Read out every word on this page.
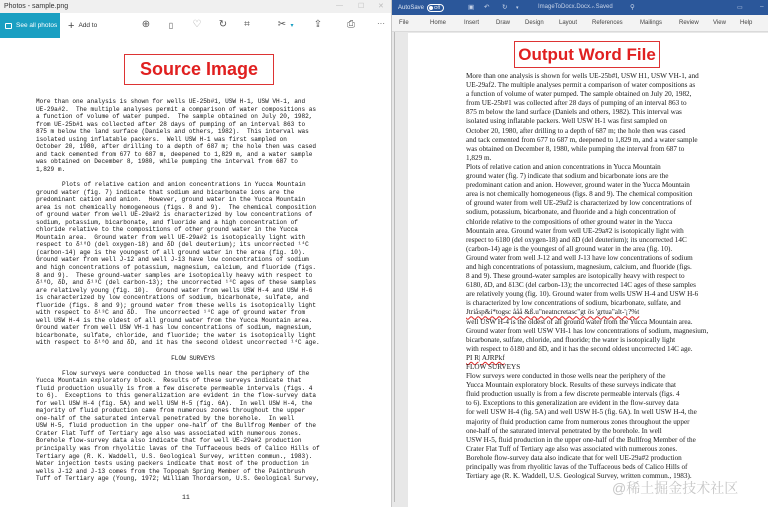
Photos - sample.png	— ☐ ✕
See all photos + Add to	⊕	▯	♡ ↻	⌗	✂ ▾	⇪	⎙	···
Source Image
More than one analysis is shown for wells UE-25b#1, USW H-1, USW VH-1, and
UE-29a#2.  The multiple analyses permit a comparison of water compositions as
a function of volume of water pumped.  The sample obtained on July 20, 1982,
from UE-25b#1 was collected after 28 days of pumping of an interval 863 to
875 m below the land surface (Daniels and others, 1982).  This interval was
isolated using inflatable packers.  Well USW H-1 was first sampled on
October 20, 1980, after drilling to a depth of 687 m; the hole then was cased
and tack cemented from 677 to 687 m, deepened to 1,829 m, and a water sample
was obtained on December 8, 1980, while pumping the interval from 687 to
1,829 m.
Plots of relative cation and anion concentrations in Yucca Mountain
ground water (fig. 7) indicate that sodium and bicarbonate ions are the
predominant cation and anion.  However, ground water in the Yucca Mountain
area is not chemically homogeneous (figs. 8 and 9).  The chemical composition
of ground water from well UE-29a#2 is characterized by low concentrations of
sodium, potassium, bicarbonate, and fluoride and a high concentration of
chloride relative to the compositions of other ground water in the Yucca
Mountain area.  Ground water from well UE-29a#2 is isotopically light with
respect to δ¹⁸O (del oxygen-18) and δD (del deuterium); its uncorrected ¹⁴C
(carbon-14) age is the youngest of all ground water in the area (fig. 10).
Ground water from well J-12 and well J-13 have low concentrations of sodium
and high concentrations of potassium, magnesium, calcium, and fluoride (figs.
8 and 9).  These ground-water samples are isotopically heavy with respect to
δ¹⁸O, δD, and δ¹³C (del carbon-13); the uncorrected ¹⁴C ages of these samples
are relatively young (fig. 10).  Ground water from wells USW H-4 and USW H-6
is characterized by low concentrations of sodium, bicarbonate, sulfate, and
fluoride (figs. 8 and 9); ground water from these wells is isotopically light
with respect to δ¹³C and δD.  The uncorrected ¹⁴C age of ground water from
well USW H-4 is the oldest of all ground water from the Yucca Mountain area.
Ground water from well USW VH-1 has low concentrations of sodium, magnesium,
bicarbonate, sulfate, chloride, and fluoride; the water is isotopically light
with respect to δ¹⁸O and δD, and it has the second oldest uncorrected ¹⁴C age.

FLOW SURVEYS

Flow surveys were conducted in those wells near the periphery of the
Yucca Mountain exploratory block.  Results of these surveys indicate that
fluid production usually is from a few discrete permeable intervals (figs. 4
to 6).  Exceptions to this generalization are evident in the flow-survey data
for well USW H-4 (fig. 5A) and well USW H-5 (fig. 6A).  In well USW H-4, the
majority of fluid production came from numerous zones throughout the upper
one-half of the saturated interval penetrated by the borehole.  In well
USW H-5, fluid production in the upper one-half of the Bullfrog Member of the
Crater Flat Tuff of Tertiary age also was associated with numerous zones.
Borehole flow-survey data also indicate that for well UE-29a#2 production
principally was from rhyolitic lavas of the Tuffaceous beds of Calico Hills of
Tertiary age (R. K. Waddell, U.S. Geological Survey, written commun., 1983).
Water injection tests using packers indicate that most of the production in
wells J-12 and J-13 comes from the Topopah Spring Member of the Paintbrush
Tuff of Tertiary age (Young, 1972; William Thordarson, U.S. Geological Survey,
11
AutoSave Off	▣ ↶ ↻ ▾	ImageToDocx.Docx...
- Saved	⚲	▭	–
File	Home	Insert	Draw Design	Layout References	Mailings	Review View Help
Output Word File
More than one analysis is shown for wells UE-25b#l, USW H1, USW VH-1, and
UE-29af2. The multiple analyses permit a comparison of water compositions as
a function of volume of water pumped. The sample obtained on July 20, 1982,
from UE-25b#1 was collected after 28 days of pumping of an interval 863 to
875 m below the land surface (Daniels and others, 1982). This interval was
isolated using inflatable packers. Well USW H-1 was first sampled on
October 20, 1980, after drilling to a depth of 687 m; the hole then was cased
and tack cemented from 677 to 687 m, deepened to 1,829 m, and a water sample
was obtained on December 8, 1980, while pumping the interval from 687 to
1,829 m.
Plots of relative cation and anion concentrations in Yucca Mountain
ground water (fig. 7) indicate that sodium and bicarbonate ions are the
predominant cation and anion. However, ground water in the Yucca Mountain
area is not chemically homogeneous (figs. 8 and 9). The chemical composition
of ground water from well UE-29af2 is characterized by low concentrations of
sodium, potassium, bicarbonate, and fluoride and a high concentration of
chloride relative to the compositions of other ground water in the Yucca
Mountain area. Ground water from well UE-29a#2 is isotopically light with
respect to 6180 (del oxygen-18) and δD (del deuterium); its uncorrected 14C
(carbon-14) age is the youngest of all ground water in the area (fig. 10).
Ground water from well J-12 and well J-13 have low concentrations of sodium
and high concentrations of potassium, magnesium, calcium, and fluoride (figs.
8 and 9). These ground-water samples are isotopically heavy with respect to
6180, δD, and δ13C (del carbon-13); the uncorrected 14C ages of these samples
are relatively young (fig. 10). Ground water from wells USW H-4 and USW H-6
is characterized by low concentrations of sodium, bicarbonate, sulfate, and
Jtriåsp&i*togsc ååå &ß.u"neatncretasc"gt ös 'grtua"alt-'¡?%t
well USW H-4 is the oldest of all ground water from the Yucca Mountain area.
Ground water from well USW VH-1 has low concentrations of sodium, magnesium,
bicarbonate, sulfate, chloride, and fluoride; the water is isotopically light
with respect to ô180 and δD, and it has the second oldest uncorrected 14C age.
PI R| AJRPkf
FLOW SURVEYS
Flow surveys were conducted in those wells near the periphery of the
Yucca Mountain exploratory block. Results of these surveys indicate that
fluid production usually is from a few discrete permeable intervals (figs. 4
to 6). Exceptions to this generalization are evident in the flow-survey data
for well USW H-4 (fig. 5A) and well USW H-5 (fig. 6A). In well USW H-4, the
majority of fluid production came from numerous zones throughout the upper
one-half of the saturated interval penetrated by the borehole. In well
USW H-5, fluid production in the upper one-half of the Bullfrog Member of the
Crater Flat Tuff of Tertiary age also was associated with numerous zones.
Borehole flow-survey data also indicate that for well UE-29a#2 production
principally was from rhyolitic lavas of the Tuffaceous beds of Calico Hills of
Tertiary age (R. K. Waddell, U.S. Geological Survey, written commun., 1983).
@稀土掘金技术社区
